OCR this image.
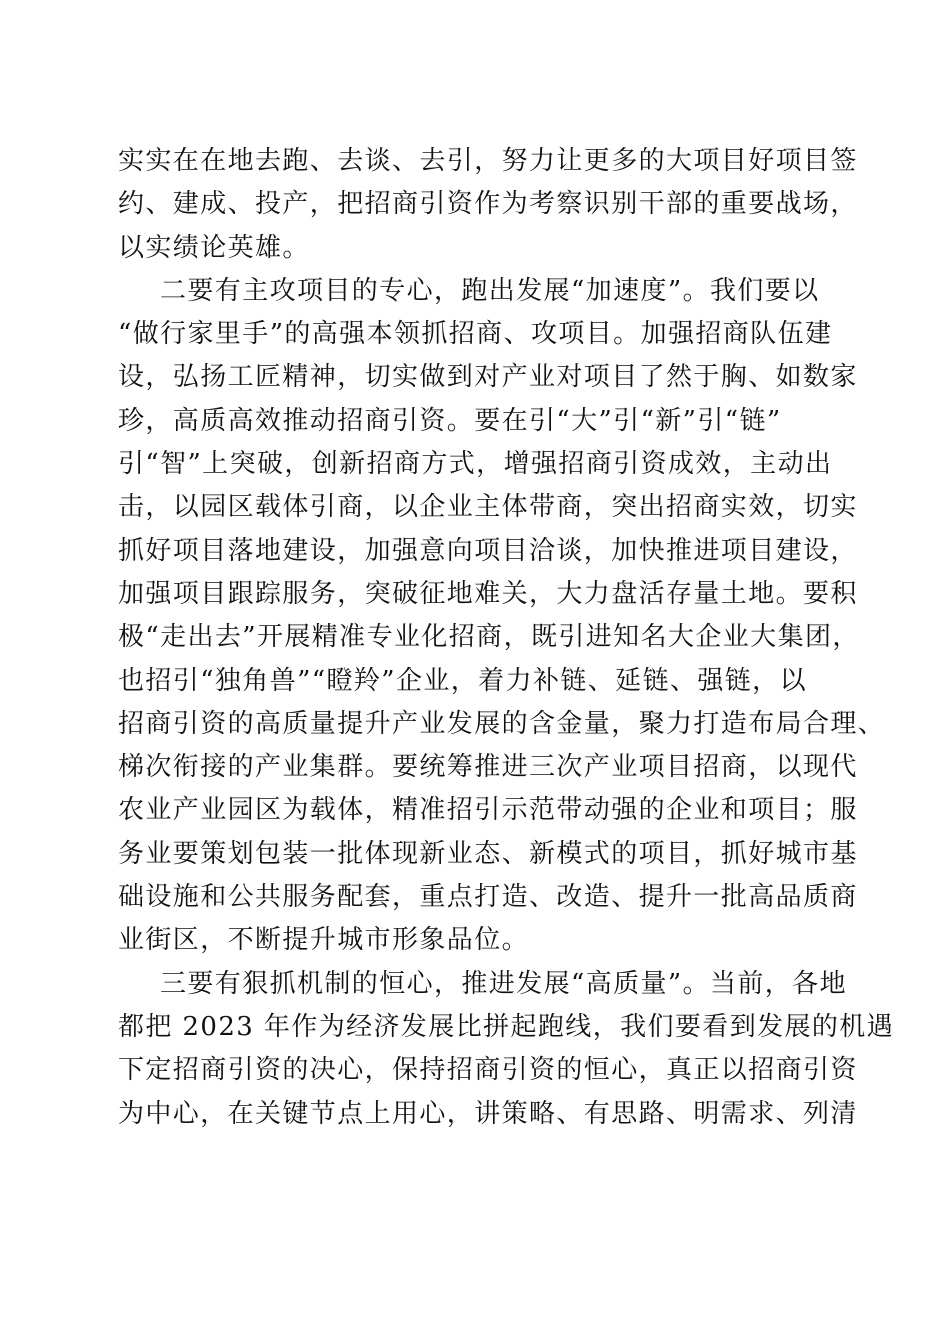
实实在在地去跑、去谈、去引，努力让更多的大项目好项目签
约、建成、投产，把招商引资作为考察识别干部的重要战场，
以实绩论英雄。
二要有主攻项目的专心，跑出发展“加速度”。我们要以
“做行家里手”的高强本领抓招商、攻项目。加强招商队伍建
设，弘扬工匠精神，切实做到对产业对项目了然于胸、如数家
珍，高质高效推动招商引资。要在引“大”引“新”引“链”
引“智”上突破，创新招商方式，增强招商引资成效，主动出
击，以园区载体引商，以企业主体带商，突出招商实效，切实
抓好项目落地建设，加强意向项目洽谈，加快推进项目建设，
加强项目跟踪服务，突破征地难关，大力盘活存量土地。要积
极“走出去”开展精准专业化招商，既引进知名大企业大集团，
也招引“独角兽”“瞪羚”企业，着力补链、延链、强链，以
招商引资的高质量提升产业发展的含金量，聚力打造布局合理、
梯次衔接的产业集群。要统筹推进三次产业项目招商，以现代
农业产业园区为载体，精准招引示范带动强的企业和项目；服
务业要策划包装一批体现新业态、新模式的项目，抓好城市基
础设施和公共服务配套，重点打造、改造、提升一批高品质商
业街区，不断提升城市形象品位。
三要有狠抓机制的恒心，推进发展“高质量”。当前，各地
都把 2023 年作为经济发展比拼起跑线，我们要看到发展的机遇
下定招商引资的决心，保持招商引资的恒心，真正以招商引资
为中心，在关键节点上用心，讲策略、有思路、明需求、列清
